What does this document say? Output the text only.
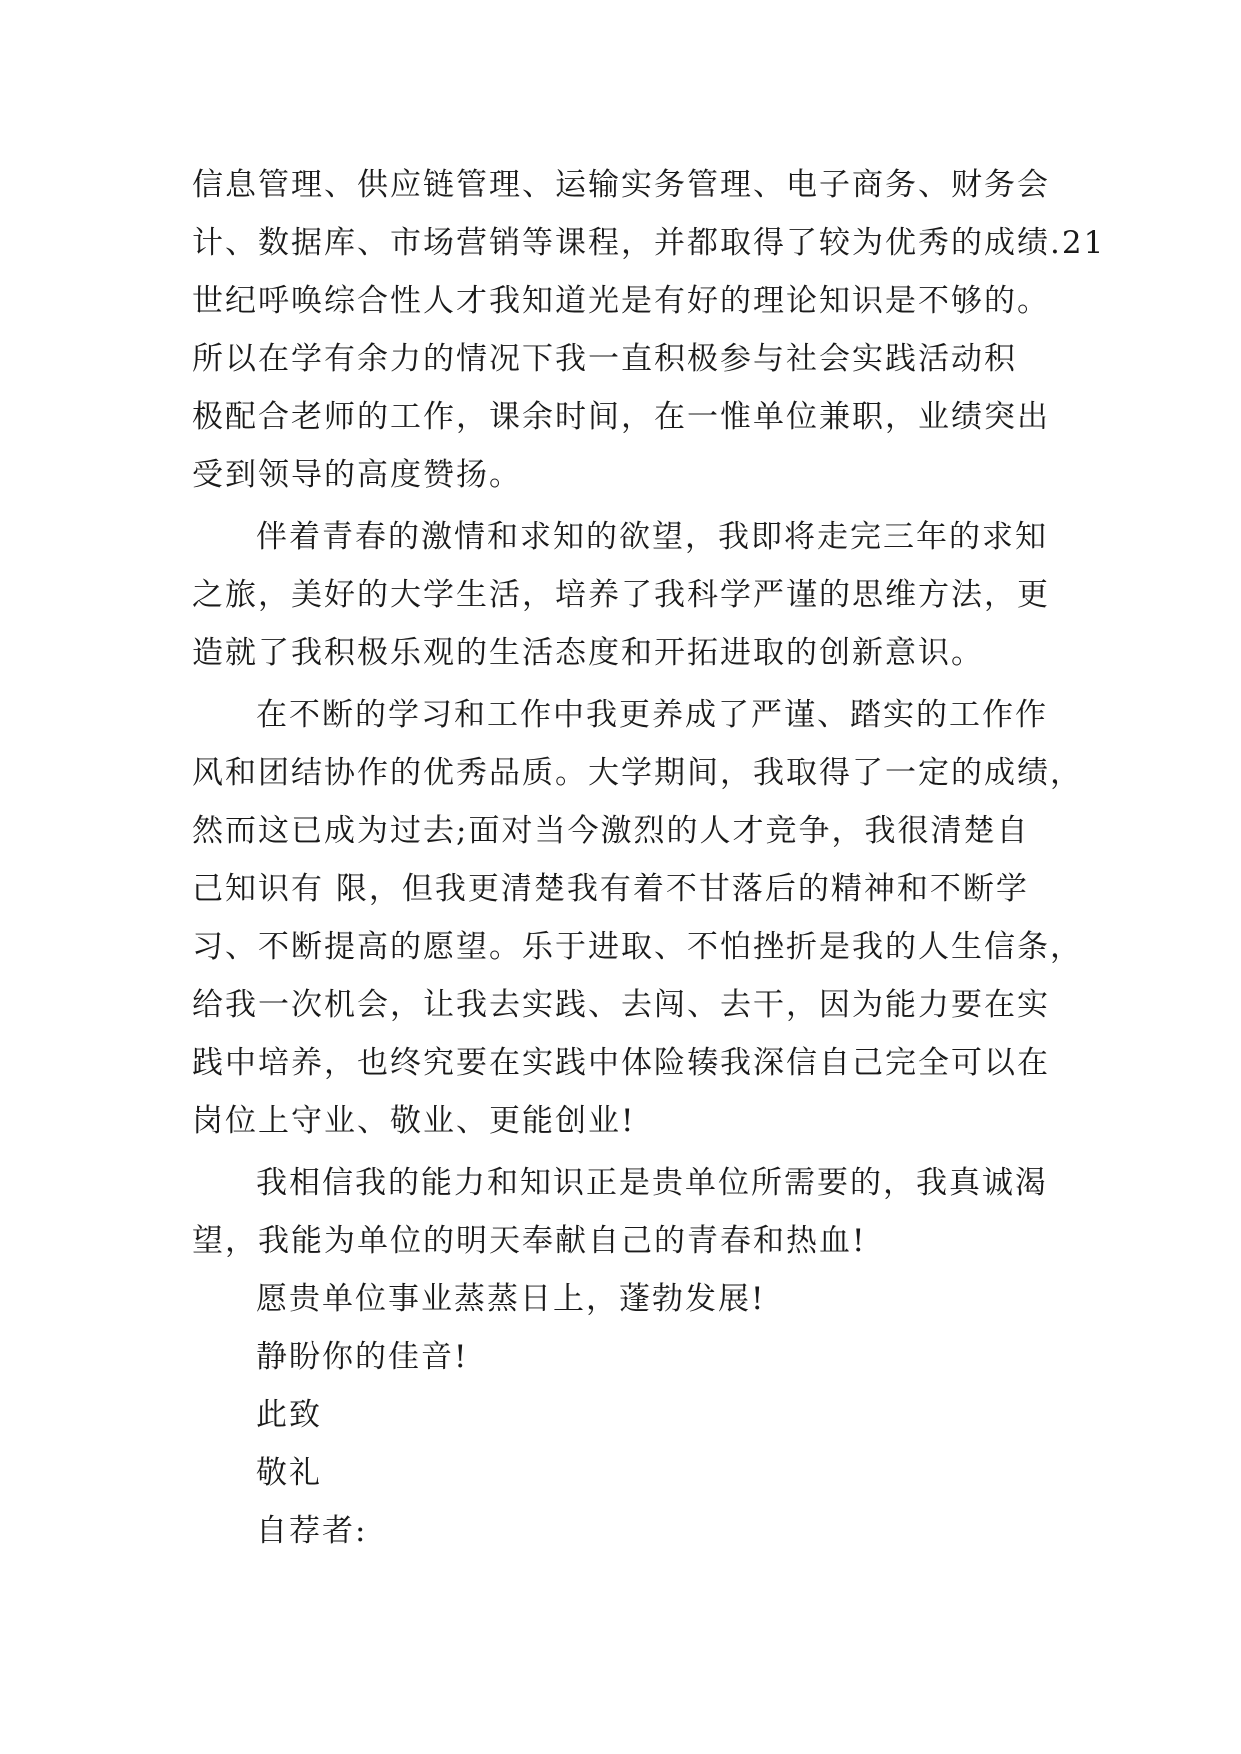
信息管理、供应链管理、运输实务管理、电子商务、财务会
计、数据库、市场营销等课程，并都取得了较为优秀的成绩.21
世纪呼唤综合性人才我知道光是有好的理论知识是不够的。
所以在学有余力的情况下我一直积极参与社会实践活动积
极配合老师的工作，课余时间，在一惟单位兼职，业绩突出
受到领导的高度赞扬。
伴着青春的激情和求知的欲望，我即将走完三年的求知
之旅，美好的大学生活，培养了我科学严谨的思维方法，更
造就了我积极乐观的生活态度和开拓进取的创新意识。
在不断的学习和工作中我更养成了严谨、踏实的工作作
风和团结协作的优秀品质。大学期间，我取得了一定的成绩，
然而这已成为过去;面对当今激烈的人才竞争，我很清楚自
己知识有 限，但我更清楚我有着不甘落后的精神和不断学
习、不断提高的愿望。乐于进取、不怕挫折是我的人生信条，
给我一次机会，让我去实践、去闯、去干，因为能力要在实
践中培养，也终究要在实践中体险辏我深信自己完全可以在
岗位上守业、敬业、更能创业!
我相信我的能力和知识正是贵单位所需要的，我真诚渴
望，我能为单位的明天奉献自己的青春和热血!
愿贵单位事业蒸蒸日上，蓬勃发展!
静盼你的佳音!
此致
敬礼
自荐者:
